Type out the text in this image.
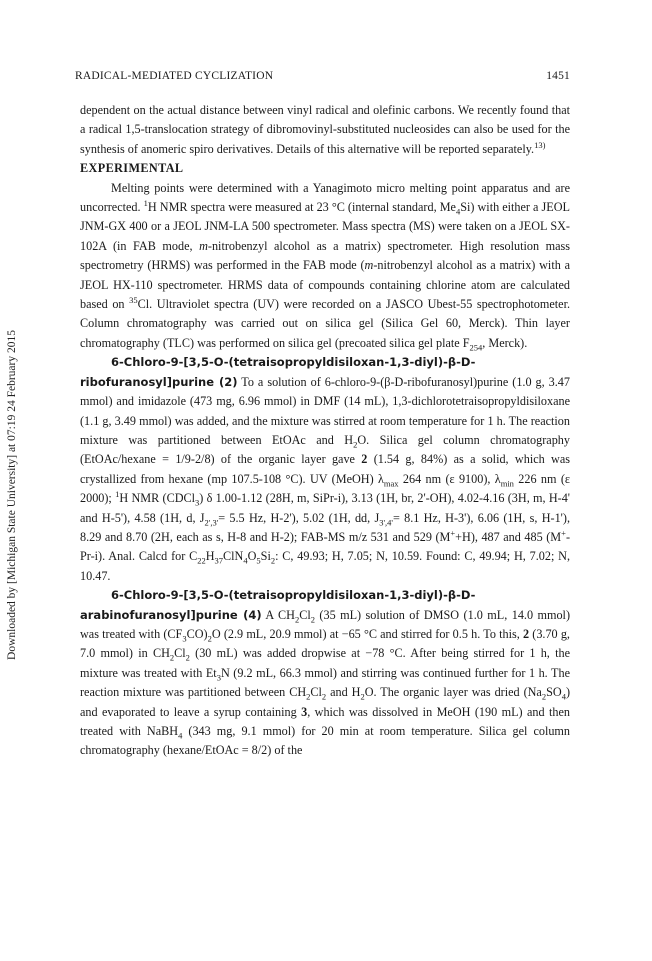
RADICAL-MEDIATED CYCLIZATION	1451
Downloaded by [Michigan State University] at 07:19 24 February 2015

dependent on the actual distance between vinyl radical and olefinic carbons. We recently found that a radical 1,5-translocation strategy of dibromovinyl-substituted nucleosides can also be used for the synthesis of anomeric spiro derivatives. Details of this alternative will be reported separately.$^{13)}$

EXPERIMENTAL

Melting points were determined with a Yanagimoto micro melting point apparatus and are uncorrected. $^1$H NMR spectra were measured at 23 °C (internal standard, $Me_4Si$) with either a JEOL JNM-GX 400 or a JEOL JNM-LA 500 spectrometer. Mass spectra (MS) were taken on a JEOL SX-102A (in FAB mode, m-nitrobenzyl alcohol as a matrix) spectrometer. High resolution mass spectrometry (HRMS) was performed in the FAB mode (m-nitrobenzyl alcohol as a matrix) with a JEOL HX-110 spectrometer. HRMS data of compounds containing chlorine atom are calculated based on $^{35}$Cl. Ultraviolet spectra (UV) were recorded on a JASCO Ubest-55 spectrophotometer. Column chromatography was carried out on silica gel (Silica Gel 60, Merck). Thin layer chromatography (TLC) was performed on silica gel (precoated silica gel plate $F_{254}$, Merck).

6-Chloro-9-[3,5-O-(tetraisopropyldisiloxan-1,3-diyl)-β-D-ribofuranosyl]purine (2) To a solution of 6-chloro-9-(β-D-ribofuranosyl)purine (1.0 g, 3.47 mmol) and imidazole (473 mg, 6.96 mmol) in DMF (14 mL), 1,3-dichlorotetraisopropyldisiloxane (1.1 g, 3.49 mmol) was added, and the mixture was stirred at room temperature for 1 h. The reaction mixture was partitioned between EtOAc and $H_2O$. Silica gel column chromatography (EtOAc/hexane = 1/9-2/8) of the organic layer gave 2 (1.54 g, 84%) as a solid, which was crystallized from hexane (mp 107.5-108 °C). UV (MeOH) $\lambda_{max}$ 264 nm (ε 9100), $\lambda_{min}$ 226 nm (ε 2000); $^1$H NMR (CDCl$_3$) δ 1.00-1.12 (28H, m, SiPr-i), 3.13 (1H, br, 2'-OH), 4.02-4.16 (3H, m, H-4' and H-5'), 4.58 (1H, d, $J_{2',3'}= 5.5$ Hz, H-2'), 5.02 (1H, dd, $J_{3',4'}= 8.1$ Hz, H-3'), 6.06 (1H, s, H-1'), 8.29 and 8.70 (2H, each as s, H-8 and H-2); FAB-MS m/z 531 and 529 (M++H), 487 and 485 (M+-Pr-i). Anal. Calcd for $C_{22}H_{37}ClN_4O_5Si_2$: C, 49.93; H, 7.05; N, 10.59. Found: C, 49.94; H, 7.02; N, 10.47.

6-Chloro-9-[3,5-O-(tetraisopropyldisiloxan-1,3-diyl)-β-D-arabinofuranosyl]purine (4) A $CH_2Cl_2$ (35 mL) solution of DMSO (1.0 mL, 14.0 mmol) was treated with $(CF_3CO)_2O$ (2.9 mL, 20.9 mmol) at −65 °C and stirred for 0.5 h. To this, 2 (3.70 g, 7.0 mmol) in $CH_2Cl_2$ (30 mL) was added dropwise at −78 °C. After being stirred for 1 h, the mixture was treated with $Et_3N$ (9.2 mL, 66.3 mmol) and stirring was continued further for 1 h. The reaction mixture was partitioned between $CH_2Cl_2$ and $H_2O$. The organic layer was dried $(Na_2SO_4)$ and evaporated to leave a syrup containing 3, which was dissolved in MeOH (190 mL) and then treated with NaBH$_4$ (343 mg, 9.1 mmol) for 20 min at room temperature. Silica gel column chromatography (hexane/EtOAc = 8/2) of the
